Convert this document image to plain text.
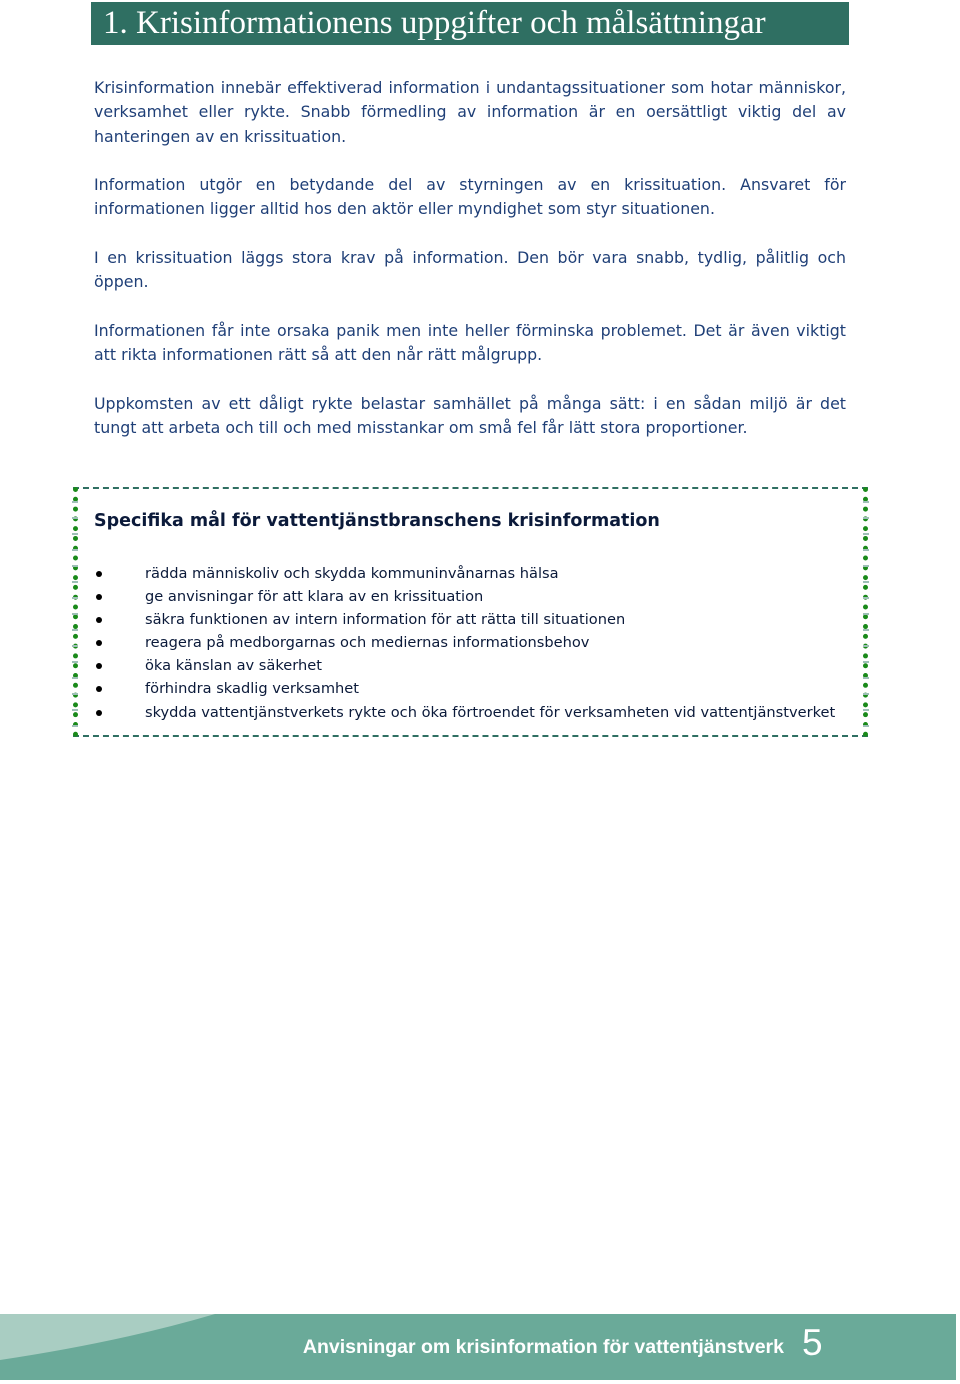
1. Krisinformationens uppgifter och målsättningar

Krisinformation innebär effektiverad information i undantagssituationer som hotar människor, verksamhet eller rykte. Snabb förmedling av information är en oersättligt viktig del av hanteringen av en krissituation.

Information utgör en betydande del av styrningen av en krissituation. Ansvaret för informationen ligger alltid hos den aktör eller myndighet som styr situationen.

I en krissituation läggs stora krav på information. Den bör vara snabb, tydlig, pålitlig och öppen.

Informationen får inte orsaka panik men inte heller förminska problemet. Det är även viktigt att rikta informationen rätt så att den når rätt målgrupp.

Uppkomsten av ett dåligt rykte belastar samhället på många sätt: i en sådan miljö är det tungt att arbeta och till och med misstankar om små fel får lätt stora proportioner.

Specifika mål för vattentjänstbranschens krisinformation
rädda människoliv och skydda kommuninvånarnas hälsa
ge anvisningar för att klara av en krissituation
säkra funktionen av intern information för att rätta till situationen
reagera på medborgarnas och mediernas informationsbehov
öka känslan av säkerhet
förhindra skadlig verksamhet
skydda vattentjänstverkets rykte och öka förtroendet för verksamheten vid vattentjänstverket
Anvisningar om krisinformation för vattentjänstverk 5
